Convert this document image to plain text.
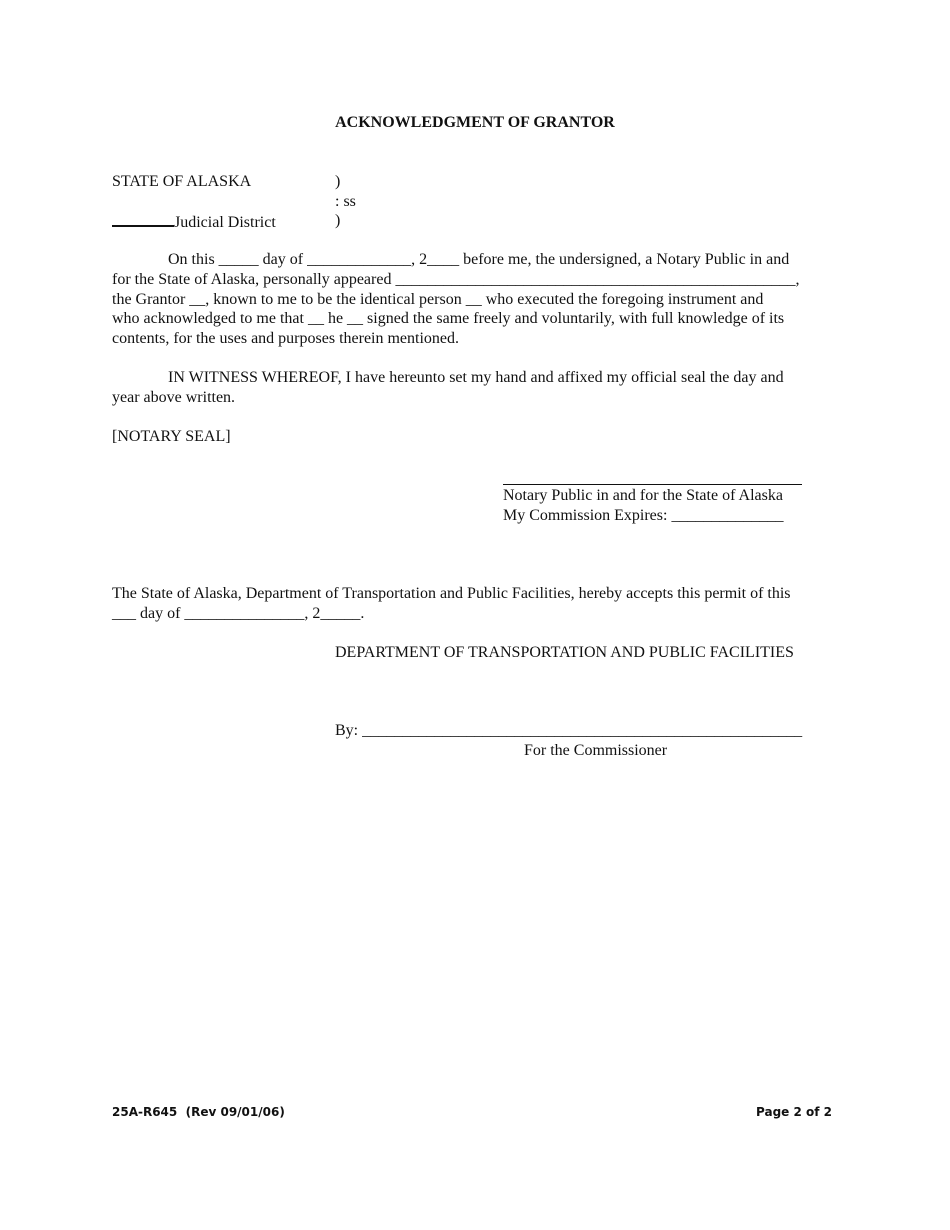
ACKNOWLEDGMENT OF GRANTOR
STATE OF ALASKA	)
: ss
Judicial District	)
On this _____ day of _____________, 2____ before me, the undersigned, a Notary Public in and
for the State of Alaska, personally appeared __________________________________________________,
the Grantor __, known to me to be the identical person __ who executed the foregoing instrument and
who acknowledged to me that __ he __ signed the same freely and voluntarily, with full knowledge of its
contents, for the uses and purposes therein mentioned.
IN WITNESS WHEREOF, I have hereunto set my hand and affixed my official seal the day and
year above written.
[NOTARY SEAL]
Notary Public in and for the State of Alaska
My Commission Expires: ______________
The State of Alaska, Department of Transportation and Public Facilities, hereby accepts this permit of this
___ day of _______________, 2_____.
DEPARTMENT OF TRANSPORTATION AND PUBLIC FACILITIES
By: _______________________________________________________
For the Commissioner
25A-R645  (Rev 09/01/06)	Page 2 of 2
